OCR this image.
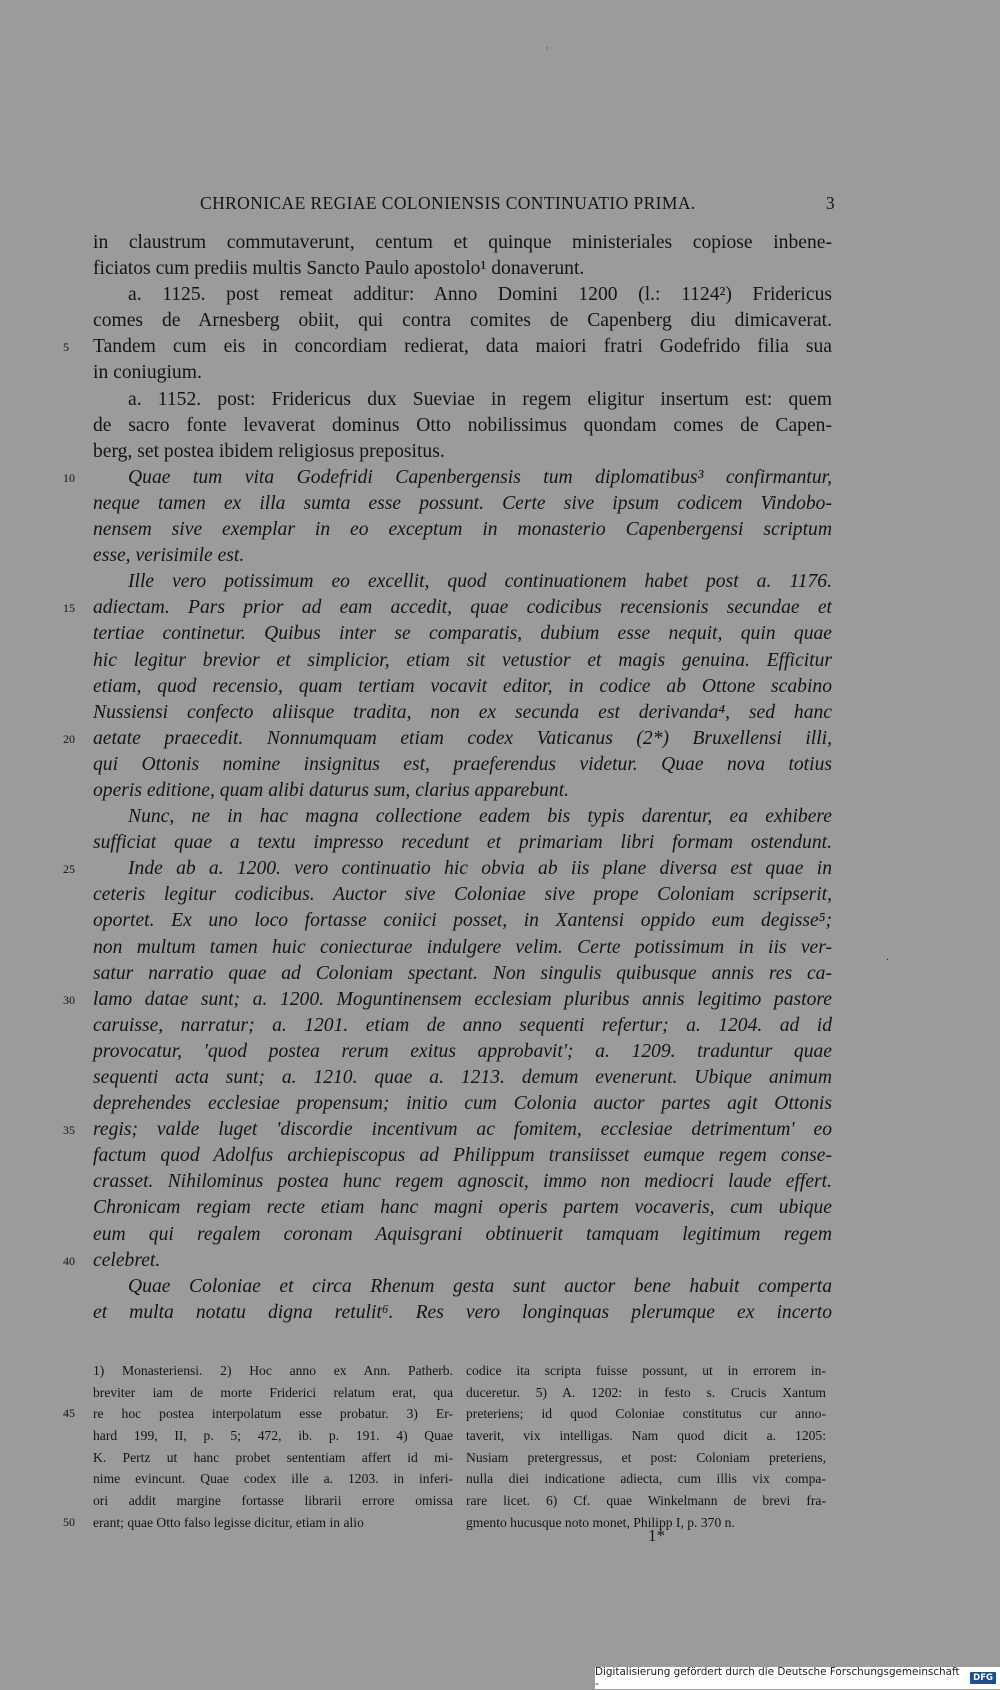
'
CHRONICAE REGIAE COLONIENSIS CONTINUATIO PRIMA.	3
in claustrum commutaverunt, centum et quinque ministeriales copiose inbene-
ficiatos cum prediis multis Sancto Paulo apostolo¹ donaverunt.
a. 1125. post remeat additur: Anno Domini 1200 (l.: 1124²) Fridericus
comes de Arnesberg obiit, qui contra comites de Capenberg diu dimicaverat.
5	Tandem cum eis in concordiam redierat, data maiori fratri Godefrido filia sua
in coniugium.
a. 1152. post: Fridericus dux Sueviae in regem eligitur insertum est: quem
de sacro fonte levaverat dominus Otto nobilissimus quondam comes de Capen-
berg, set postea ibidem religiosus prepositus.
10	Quae tum vita Godefridi Capenbergensis tum diplomatibus³ confirmantur,
neque tamen ex illa sumta esse possunt. Certe sive ipsum codicem Vindobo-
nensem sive exemplar in eo exceptum in monasterio Capenbergensi scriptum
esse, verisimile est.
Ille vero potissimum eo excellit, quod continuationem habet post a. 1176.
15 adiectam. Pars prior ad eam accedit, quae codicibus recensionis secundae et
tertiae continetur. Quibus inter se comparatis, dubium esse nequit, quin quae
hic legitur brevior et simplicior, etiam sit vetustior et magis genuina. Efficitur
etiam, quod recensio, quam tertiam vocavit editor, in codice ab Ottone scabino
Nussiensi confecto aliisque tradita, non ex secunda est derivanda⁴, sed hanc
20 aetate praecedit. Nonnumquam etiam codex Vaticanus (2*) Bruxellensi illi,
qui Ottonis nomine insignitus est, praeferendus videtur. Quae nova totius
operis editione, quam alibi daturus sum, clarius apparebunt.
Nunc, ne in hac magna collectione eadem bis typis darentur, ea exhibere
sufficiat quae a textu impresso recedunt et primariam libri formam ostendunt.
25	Inde ab a. 1200. vero continuatio hic obvia ab iis plane diversa est quae in
ceteris legitur codicibus. Auctor sive Coloniae sive prope Coloniam scripserit,
oportet. Ex uno loco fortasse coniici posset, in Xantensi oppido eum degisse⁵;
non multum tamen huic coniecturae indulgere velim. Certe potissimum in iis ver-
satur narratio quae ad Coloniam spectant. Non singulis quibusque annis res ca-
30 lamo datae sunt; a. 1200. Moguntinensem ecclesiam pluribus annis legitimo pastore
caruisse, narratur; a. 1201. etiam de anno sequenti refertur; a. 1204. ad id
provocatur, 'quod postea rerum exitus approbavit'; a. 1209. traduntur quae
sequenti acta sunt; a. 1210. quae a. 1213. demum evenerunt. Ubique animum
deprehendes ecclesiae propensum; initio cum Colonia auctor partes agit Ottonis
35 regis; valde luget 'discordie incentivum ac fomitem, ecclesiae detrimentum' eo
factum quod Adolfus archiepiscopus ad Philippum transiisset eumque regem conse-
crasset. Nihilominus postea hunc regem agnoscit, immo non mediocri laude effert.
Chronicam regiam recte etiam hanc magni operis partem vocaveris, cum ubique
eum qui regalem coronam Aquisgrani obtinuerit tamquam legitimum regem
40 celebret.
Quae Coloniae et circa Rhenum gesta sunt auctor bene habuit comperta
et multa notatu digna retulit⁶. Res vero longinquas plerumque ex incerto
.
1) Monasteriensi. 2) Hoc anno ex Ann. Patherb.
breviter iam de morte Friderici relatum erat, qua
45 re hoc postea interpolatum esse probatur. 3) Er-
hard 199, II, p. 5; 472, ib. p. 191. 4) Quae
K. Pertz ut hanc probet sententiam affert id mi-
nime evincunt. Quae codex ille a. 1203. in inferi-
ori addit margine fortasse librarii errore omissa
50 erant; quae Otto falso legisse dicitur, etiam in alio
codice ita scripta fuisse possunt, ut in errorem in-
duceretur. 5) A. 1202: in festo s. Crucis Xantum
preteriens; id quod Coloniae constitutus cur anno-
taverit, vix intelligas. Nam quod dicit a. 1205:
Nusiam pretergressus, et post: Coloniam preteriens,
nulla diei indicatione adiecta, cum illis vix compa-
rare licet. 6) Cf. quae Winkelmann de brevi fra-
gmento hucusque noto monet, Philipp I, p. 370 n.
1*
Digitalisierung gefördert durch die Deutsche Forschungsgemeinschaft -	DFG
